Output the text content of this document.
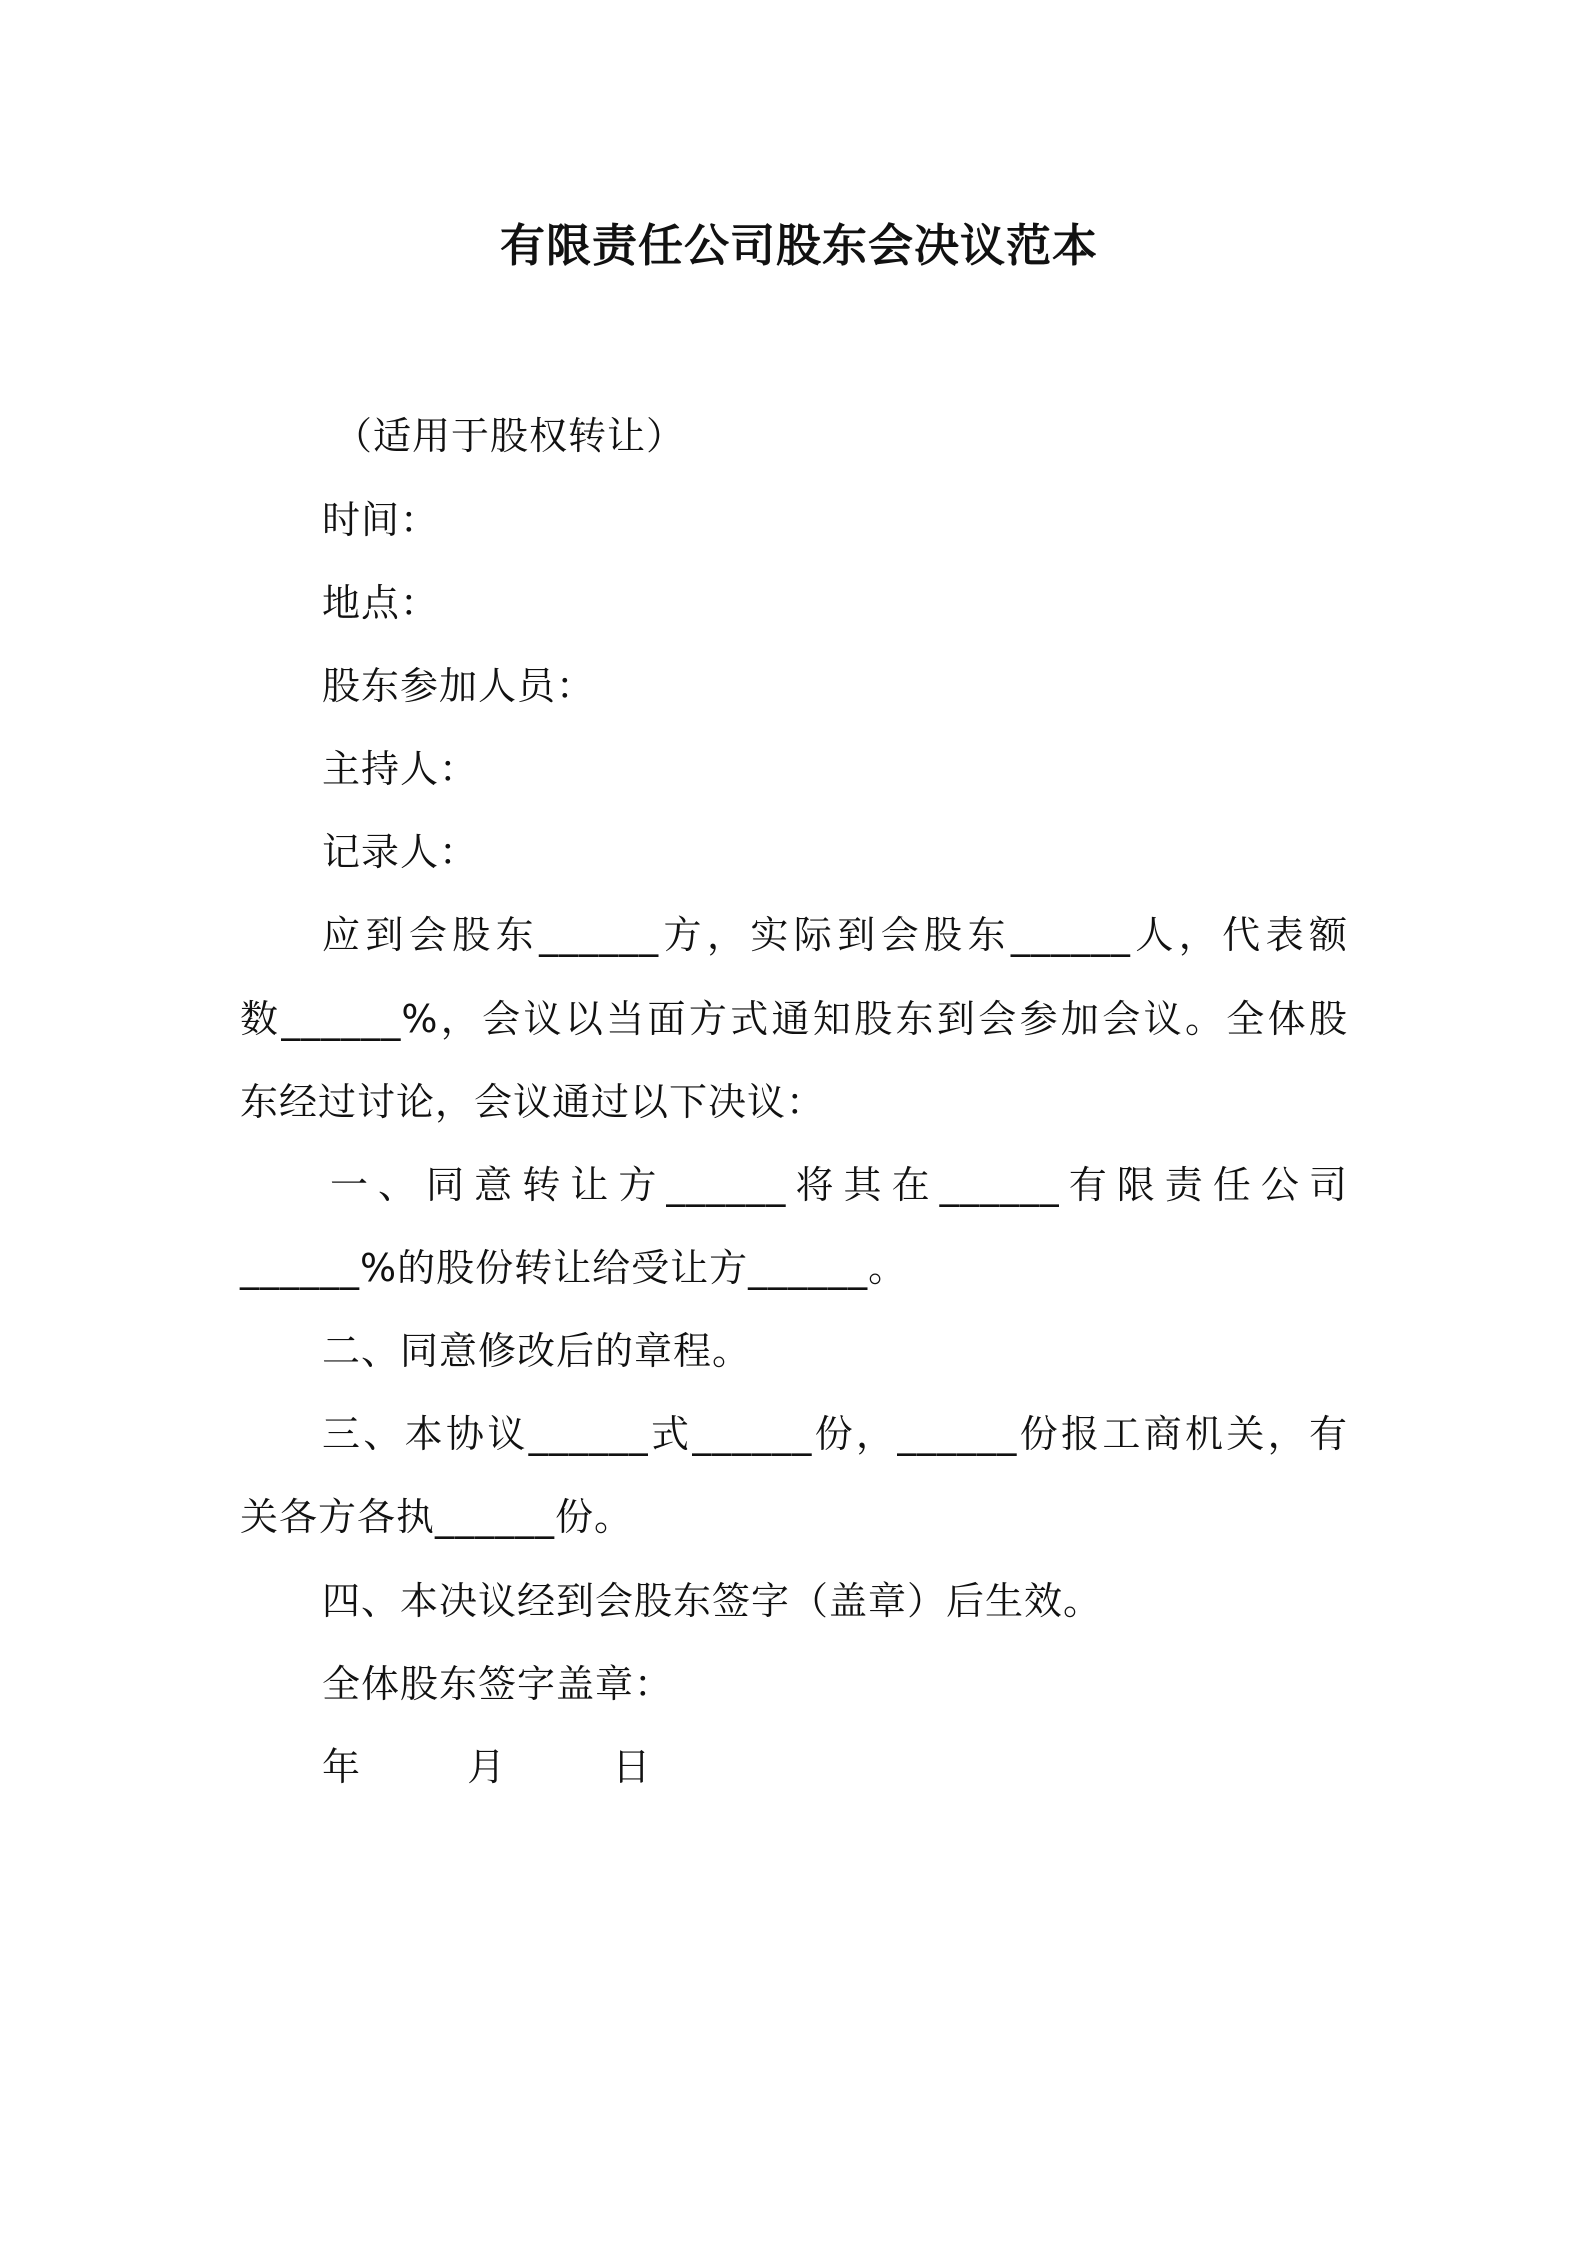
有限责任公司股东会决议范本
（适用于股权转让）
时间：
地点：
股东参加人员：
主持人：
记录人：
应到会股东______方，实际到会股东______人，代表额
数______%，会议以当面方式通知股东到会参加会议。全体股
东经过讨论，会议通过以下决议：
一、同意转让方______将其在______有限责任公司
______%的股份转让给受让方______。
二、同意修改后的章程。
三、本协议______式______份，______份报工商机关，有
关各方各执______份。
四、本决议经到会股东签字（盖章）后生效。
全体股东签字盖章：
年	月	日
